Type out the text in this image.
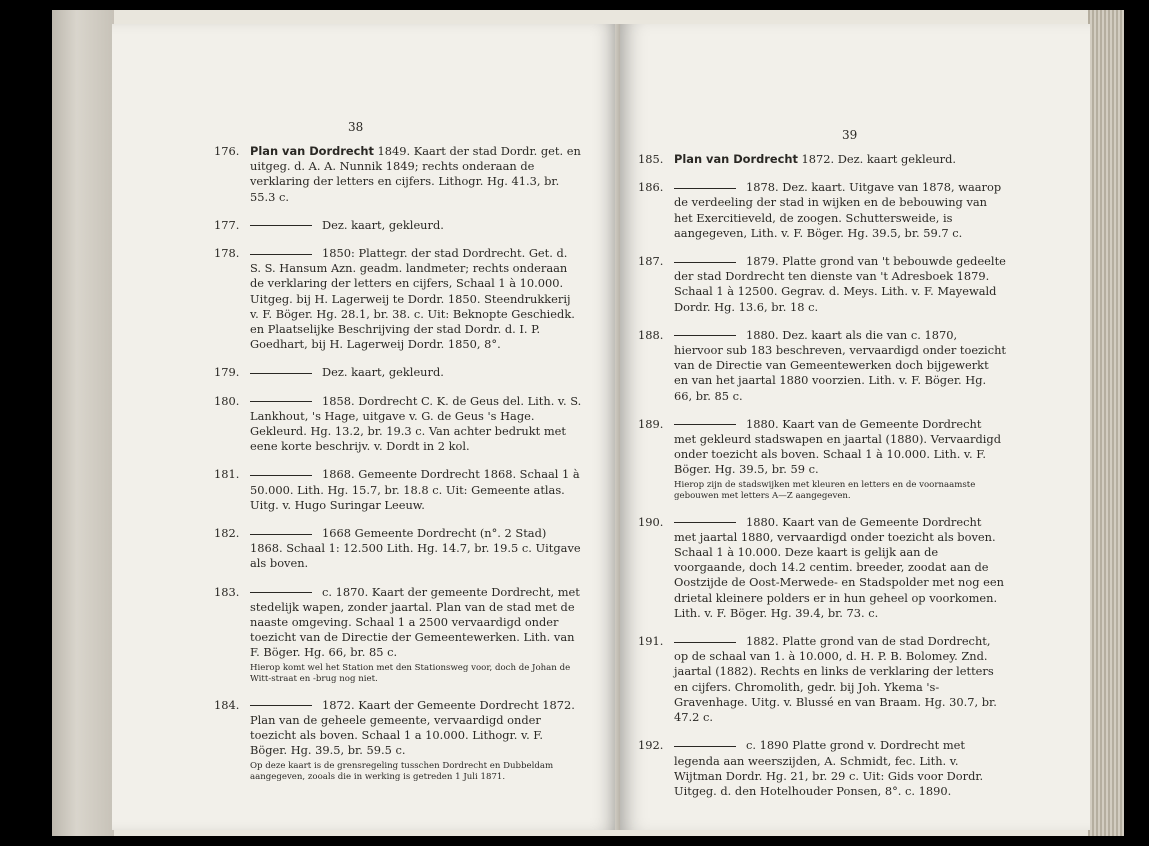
38
176. Plan van Dordrecht 1849. Kaart der stad Dordr. get. en uitgeg. d. A. A. Nunnik 1849; rechts onderaan de verklaring der letters en cijfers. Lithogr. Hg. 41.3, br. 55.3 c.
177.	Dez. kaart, gekleurd.
178.	1850: Plattegr. der stad Dordrecht. Get. d. S. S. Hansum Azn. geadm. landmeter; rechts onderaan de verklaring der letters en cijfers, Schaal 1 à 10.000. Uitgeg. bij H. Lagerweij te Dordr. 1850. Steendrukkerij v. F. Böger. Hg. 28.1, br. 38. c. Uit: Beknopte Geschiedk. en Plaatselijke Beschrijving der stad Dordr. d. I. P. Goedhart, bij H. Lagerweij Dordr. 1850, 8°.
179.	Dez. kaart, gekleurd.
180.	1858. Dordrecht C. K. de Geus del. Lith. v. S. Lankhout, 's Hage, uitgave v. G. de Geus 's Hage. Gekleurd. Hg. 13.2, br. 19.3 c. Van achter bedrukt met eene korte beschrijv. v. Dordt in 2 kol.
181.	1868. Gemeente Dordrecht 1868. Schaal 1 à 50.000. Lith. Hg. 15.7, br. 18.8 c. Uit: Gemeente atlas. Uitg. v. Hugo Suringar Leeuw.
182.	1668 Gemeente Dordrecht (n°. 2 Stad) 1868. Schaal 1: 12.500 Lith. Hg. 14.7, br. 19.5 c. Uitgave als boven.
183.	c. 1870. Kaart der gemeente Dordrecht, met stedelijk wapen, zonder jaartal. Plan van de stad met de naaste omgeving. Schaal 1 a 2500 vervaardigd onder toezicht van de Directie der Gemeentewerken. Lith. van F. Böger. Hg. 66, br. 85 c.
Hierop komt wel het Station met den Stationsweg voor, doch de Johan de Witt-straat en -brug nog niet.
184.	1872. Kaart der Gemeente Dordrecht 1872. Plan van de geheele gemeente, vervaardigd onder toezicht als boven. Schaal 1 a 10.000. Lithogr. v. F. Böger. Hg. 39.5, br. 59.5 c.
Op deze kaart is de grensregeling tusschen Dordrecht en Dubbeldam aangegeven, zooals die in werking is getreden 1 Juli 1871.
39
185. Plan van Dordrecht 1872. Dez. kaart gekleurd.
186.	1878. Dez. kaart. Uitgave van 1878, waarop de verdeeling der stad in wijken en de bebouwing van het Exercitieveld, de zoogen. Schuttersweide, is aangegeven, Lith. v. F. Böger. Hg. 39.5, br. 59.7 c.
187.	1879. Platte grond van 't bebouwde gedeelte der stad Dordrecht ten dienste van 't Adresboek 1879. Schaal 1 à 12500. Gegrav. d. Meys. Lith. v. F. Mayewald Dordr. Hg. 13.6, br. 18 c.
188.	1880. Dez. kaart als die van c. 1870, hiervoor sub 183 beschreven, vervaardigd onder toezicht van de Directie van Gemeentewerken doch bijgewerkt en van het jaartal 1880 voorzien. Lith. v. F. Böger. Hg. 66, br. 85 c.
189.	1880. Kaart van de Gemeente Dordrecht met gekleurd stadswapen en jaartal (1880). Vervaardigd onder toezicht als boven. Schaal 1 à 10.000. Lith. v. F. Böger. Hg. 39.5, br. 59 c.
Hierop zijn de stadswijken met kleuren en letters en de voornaamste gebouwen met letters A—Z aangegeven.
190.	1880. Kaart van de Gemeente Dordrecht met jaartal 1880, vervaardigd onder toezicht als boven. Schaal 1 à 10.000. Deze kaart is gelijk aan de voorgaande, doch 14.2 centim. breeder, zoodat aan de Oostzijde de Oost-Merwede- en Stadspolder met nog een drietal kleinere polders er in hun geheel op voorkomen. Lith. v. F. Böger. Hg. 39.4, br. 73. c.
191.	1882. Platte grond van de stad Dordrecht, op de schaal van 1. à 10.000, d. H. P. B. Bolomey. Znd. jaartal (1882). Rechts en links de verklaring der letters en cijfers. Chromolith, gedr. bij Joh. Ykema 's-Gravenhage. Uitg. v. Blussé en van Braam. Hg. 30.7, br. 47.2 c.
192.	c. 1890 Platte grond v. Dordrecht met legenda aan weerszijden, A. Schmidt, fec. Lith. v. Wijtman Dordr. Hg. 21, br. 29 c. Uit: Gids voor Dordr. Uitgeg. d. den Hotelhouder Ponsen, 8°. c. 1890.
